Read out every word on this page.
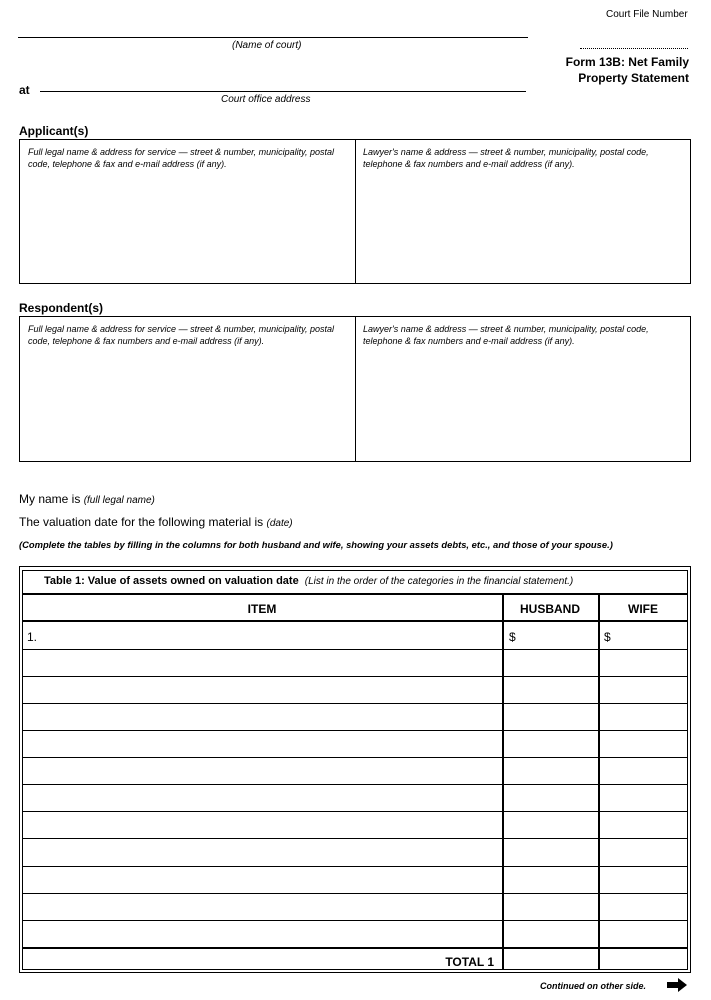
Court File Number
(Name of court)
at
Court office address
Form 13B: Net Family
Property Statement
Applicant(s)
Full legal name & address for service — street & number, municipality, postal code, telephone & fax and e-mail address (if any).
Lawyer's name & address — street & number, municipality, postal code, telephone & fax numbers and e-mail address (if any).
Respondent(s)
Full legal name & address for service — street & number, municipality, postal code, telephone & fax numbers and e-mail address (if any).
Lawyer's name & address — street & number, municipality, postal code, telephone & fax numbers and e-mail address (if any).
My name is (full legal name)
The valuation date for the following material is (date)
(Complete the tables by filling in the columns for both husband and wife, showing your assets debts, etc., and those of your spouse.)
Table 1: Value of assets owned on valuation date (List in the order of the categories in the financial statement.)
ITEM	HUSBAND	WIFE
1.	$	$
TOTAL 1
Continued on other side.
